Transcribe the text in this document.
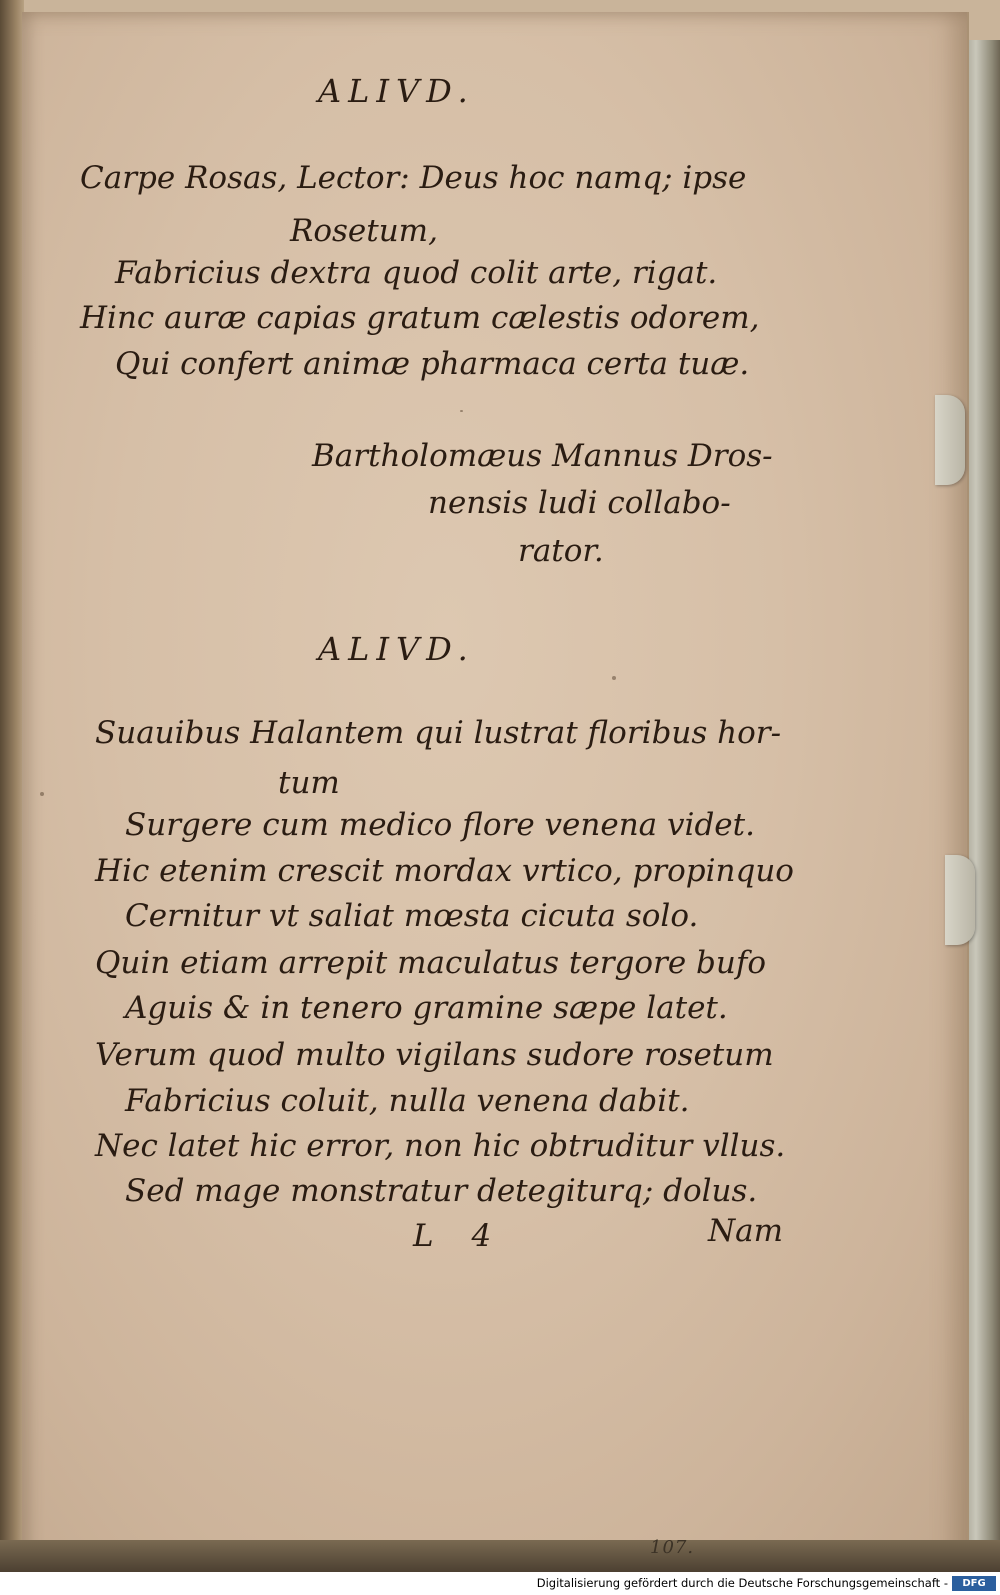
107.
ALIVD.
Carpe Rosas, Lector: Deus hoc namq; ipse
Rosetum,
Fabricius dextra quod colit arte, rigat.
Hinc auræ capias gratum cælestis odorem,
Qui confert animæ pharmaca certa tuæ.
Bartholomæus Mannus Dros-
nensis ludi collabo-
rator.
ALIVD.
Suauibus Halantem qui lustrat floribus hor-
tum
Surgere cum medico flore venena videt.
Hic etenim crescit mordax vrtico, propinquo
Cernitur vt saliat mœsta cicuta solo.
Quin etiam arrepit maculatus tergore bufo
Aguis & in tenero gramine sæpe latet.
Verum quod multo vigilans sudore rosetum
Fabricius coluit, nulla venena dabit.
Nec latet hic error, non hic obtruditur vllus.
Sed mage monstratur detegiturq; dolus.
L 4	Nam
Digitalisierung gefördert durch die Deutsche Forschungsgemeinschaft -	DFG
